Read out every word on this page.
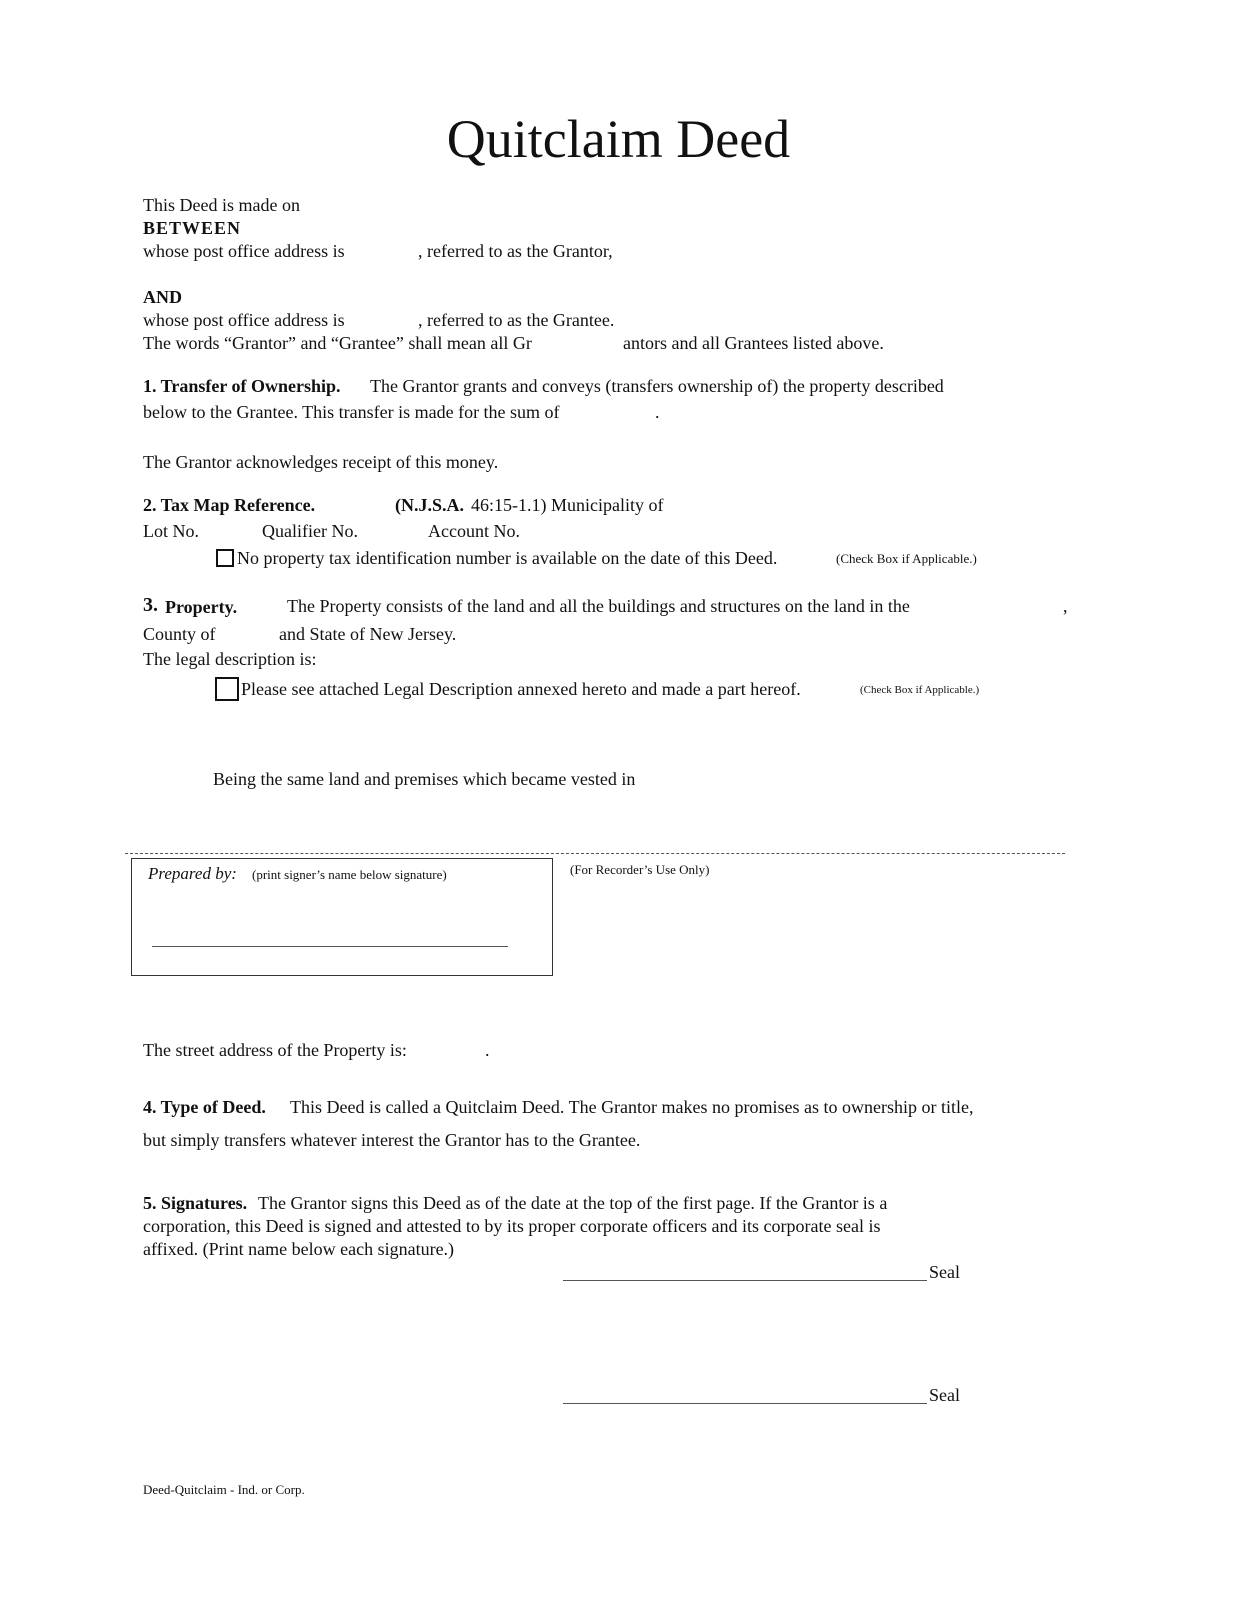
Quitclaim Deed
This Deed is made on
BETWEEN
whose post office address is	, referred to as the Grantor,
AND
whose post office address is	, referred to as the Grantee.
The words “Grantor” and “Grantee” shall mean all Gr	antors and all Grantees listed above.
1. Transfer of Ownership. The Grantor grants and conveys (transfers ownership of) the property described
below to the Grantee. This transfer is made for the sum of	.
The Grantor acknowledges receipt of this money.
2. Tax Map Reference.	(N.J.S.A. 46:15-1.1) Municipality of
Lot No.	Qualifier No.	Account No.
No property tax identification number is available on the date of this Deed.	(Check Box if Applicable.)
3. Property.	The Property consists of the land and all the buildings and structures on the land in the	,
County of	and State of New Jersey.
The legal description is:
Please see attached Legal Description annexed hereto and made a part hereof.	(Check Box if Applicable.)
Being the same land and premises which became vested in
Prepared by: (print signer’s name below signature)	(For Recorder’s Use Only)
The street address of the Property is:	.
4. Type of Deed. This Deed is called a Quitclaim Deed. The Grantor makes no promises as to ownership or title,
but simply transfers whatever interest the Grantor has to the Grantee.
5. Signatures. The Grantor signs this Deed as of the date at the top of the first page. If the Grantor is a
corporation, this Deed is signed and attested to by its proper corporate officers and its corporate seal is
affixed. (Print name below each signature.)
Seal
Seal
Deed-Quitclaim - Ind. or Corp.
